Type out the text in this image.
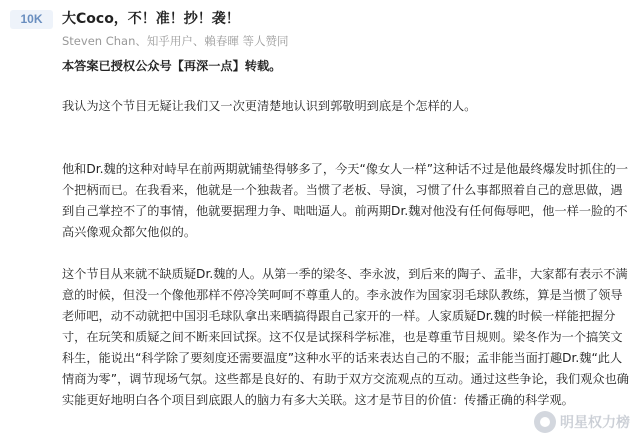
10K	大Coco，不！准！抄！袭！
Steven Chan、知乎用户、賴春暉 等人赞同

本答案已授权公众号【再深一点】转载。

我认为这个节目无疑让我们又一次更清楚地认识到郭敬明到底是个怎样的人。

他和Dr.魏的这种对峙早在前两期就铺垫得够多了，今天“像女人一样”这种话不过是他最终爆发时抓住的一个把柄而已。在我看来，他就是一个独裁者。当惯了老板、导演，习惯了什么事都照着自己的意思做，遇到自己掌控不了的事情，他就要据理力争、咄咄逼人。前两期Dr.魏对他没有任何侮辱吧，他一样一脸的不高兴像观众都欠他似的。

这个节目从来就不缺质疑Dr.魏的人。从第一季的梁冬、李永波，到后来的陶子、孟非，大家都有表示不满意的时候，但没一个像他那样不停冷笑呵呵不尊重人的。李永波作为国家羽毛球队教练，算是当惯了领导老师吧，动不动就把中国羽毛球队拿出来晒搞得跟自己家开的一样。人家质疑Dr.魏的时候一样能把握分寸，在玩笑和质疑之间不断来回试探。这不仅是试探科学标准，也是尊重节目规则。梁冬作为一个搞笑文科生，能说出“科学除了要刻度还需要温度”这种水平的话来表达自己的不服；孟非能当面打趣Dr.魏“此人情商为零”，调节现场气氛。这些都是良好的、有助于双方交流观点的互动。通过这些争论，我们观众也确实能更好地明白各个项目到底跟人的脑力有多大关联。这才是节目的价值：传播正确的科学观。

明星权力榜
